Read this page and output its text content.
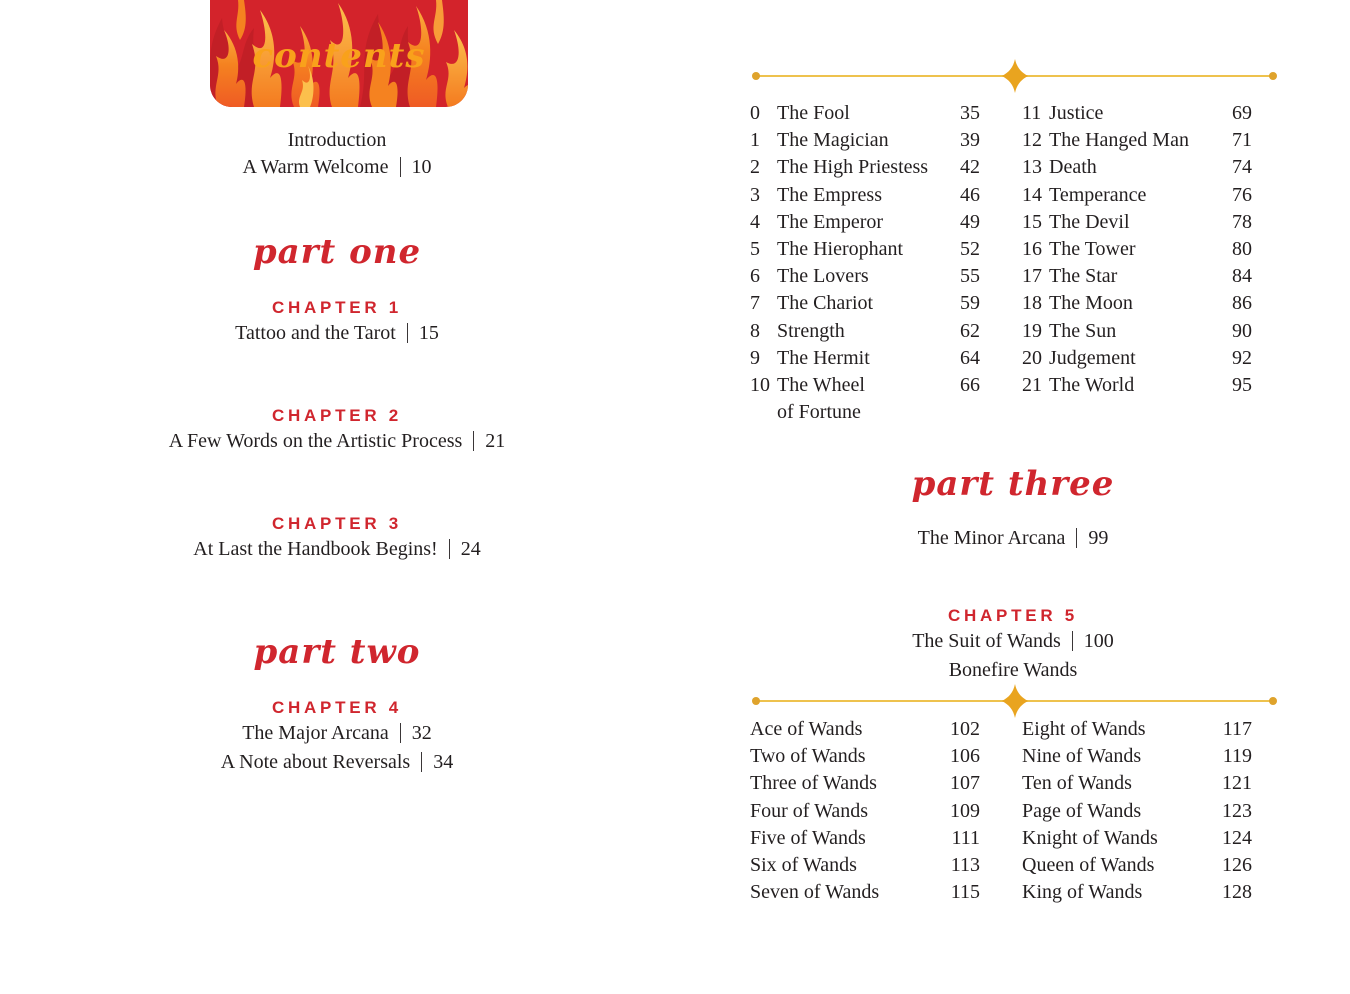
contents
Introduction
A Warm Welcome 10
part one
CHAPTER 1
Tattoo and the Tarot 15
CHAPTER 2
A Few Words on the Artistic Process 21
CHAPTER 3
At Last the Handbook Begins! 24
part two
CHAPTER 4
The Major Arcana 32
A Note about Reversals 34
0 The Fool	35
1 The Magician	39
2 The High Priestess	42
3 The Empress	46
4 The Emperor	49
5 The Hierophant	52
6 The Lovers	55
7 The Chariot	59
8 Strength	62
9 The Hermit	64
10 The Wheel	66
of Fortune
11 Justice	69
12 The Hanged Man	71
13 Death	74
14 Temperance	76
15 The Devil	78
16 The Tower	80
17 The Star	84
18 The Moon	86
19 The Sun	90
20 Judgement	92
21 The World	95
part three
The Minor Arcana 99
CHAPTER 5
The Suit of Wands 100
Bonefire Wands
Ace of Wands	102
Two of Wands	106
Three of Wands	107
Four of Wands	109
Five of Wands	111
Six of Wands	113
Seven of Wands	115
Eight of Wands	117
Nine of Wands	119
Ten of Wands	121
Page of Wands	123
Knight of Wands	124
Queen of Wands	126
King of Wands	128
